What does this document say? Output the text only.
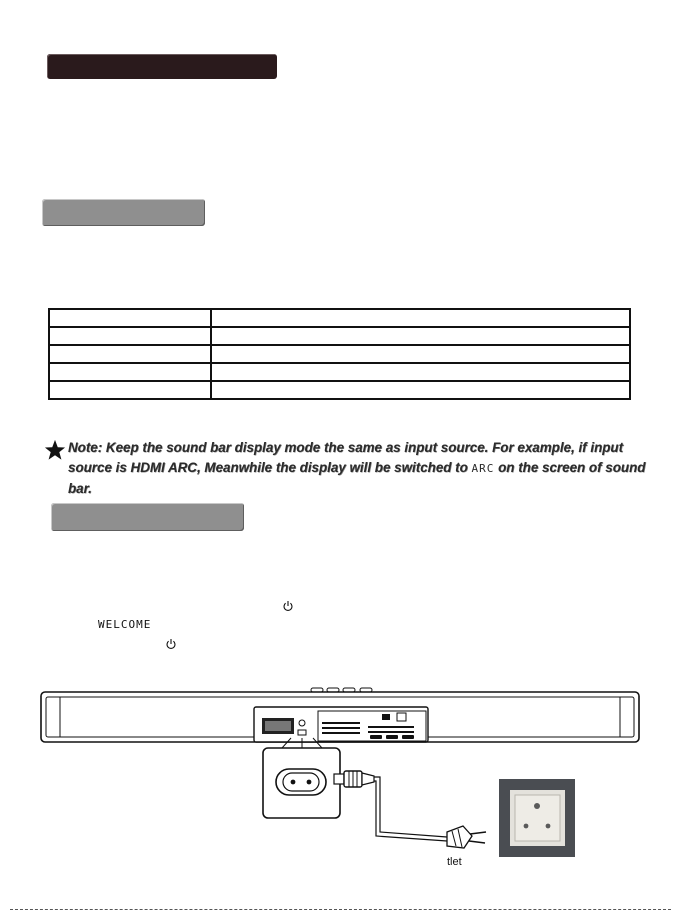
Note: Keep the sound bar display mode the same as input source. For example, if input source is HDMI ARC, Meanwhile the display will be switched to ARC on the screen of sound bar.
WELCOME
tlet
